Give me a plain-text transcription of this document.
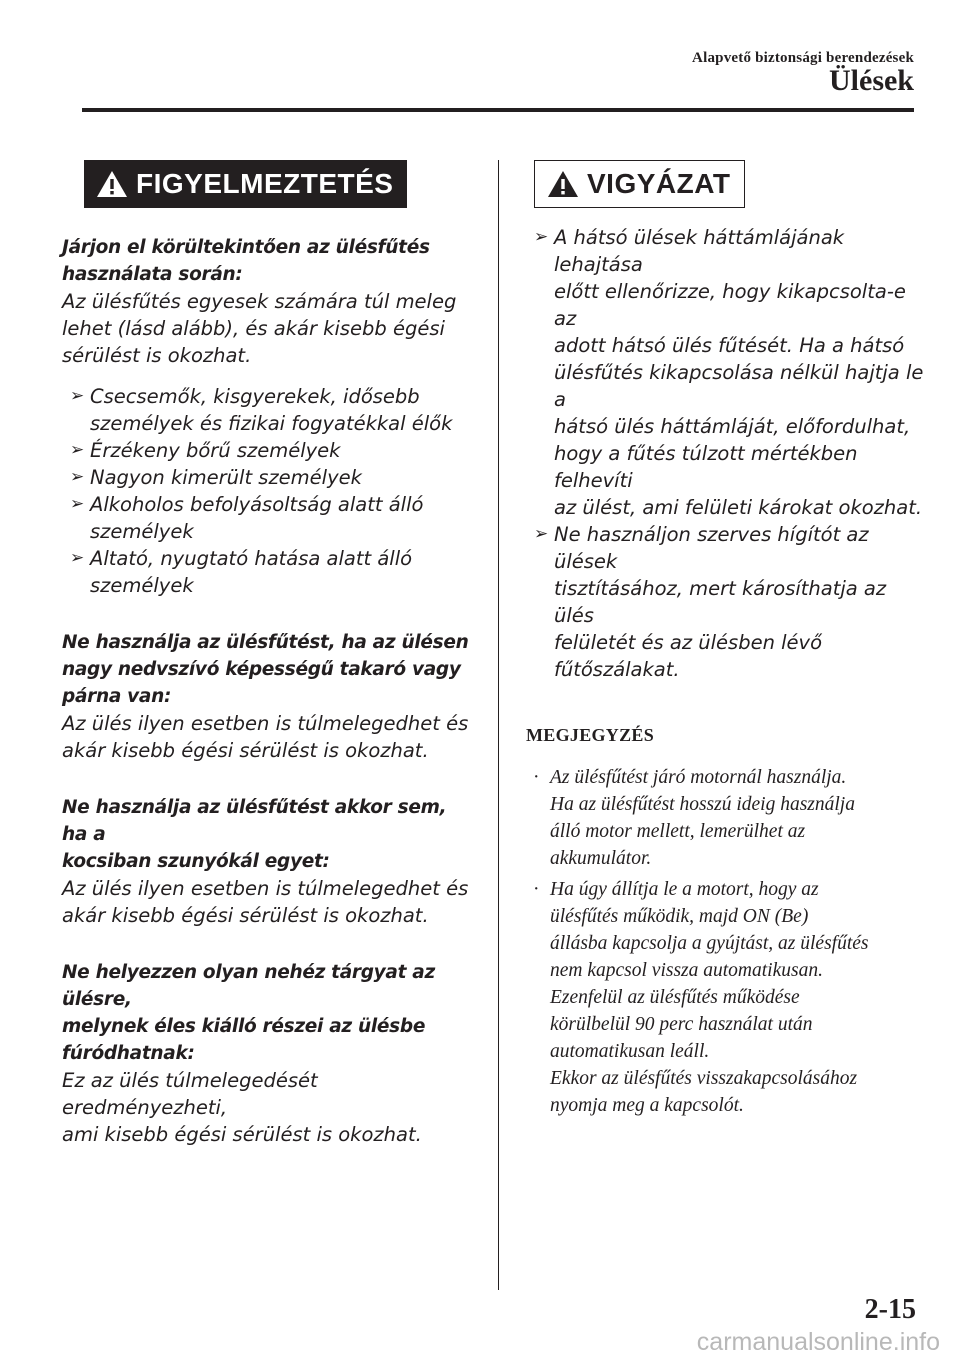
Alapvető biztonsági berendezések
Ülések
FIGYELMEZTETÉS

Járjon el körültekintően az ülésfűtés használata során:

Az ülésfűtés egyesek számára túl meleg
lehet (lásd alább), és akár kisebb égési
sérülést is okozhat.

➢ Csecsemők, kisgyerekek, idősebb
személyek és fizikai fogyatékkal élők
➢ Érzékeny bőrű személyek
➢ Nagyon kimerült személyek
➢ Alkoholos befolyásoltság alatt álló
személyek
➢ Altató, nyugtató hatása alatt álló
személyek

Ne használja az ülésfűtést, ha az ülésen
nagy nedvszívó képességű takaró vagy
párna van:

Az ülés ilyen esetben is túlmelegedhet és
akár kisebb égési sérülést is okozhat.

Ne használja az ülésfűtést akkor sem, ha a
kocsiban szunyókál egyet:

Az ülés ilyen esetben is túlmelegedhet és
akár kisebb égési sérülést is okozhat.

Ne helyezzen olyan nehéz tárgyat az ülésre,
melynek éles kiálló részei az ülésbe
fúródhatnak:

Ez az ülés túlmelegedését eredményezheti,
ami kisebb égési sérülést is okozhat.

VIGYÁZAT
➢ A hátsó ülések háttámlájának lehajtása
előtt ellenőrizze, hogy kikapcsolta-e az
adott hátsó ülés fűtését. Ha a hátsó
ülésfűtés kikapcsolása nélkül hajtja le a
hátsó ülés háttámláját, előfordulhat,
hogy a fűtés túlzott mértékben felhevíti
az ülést, ami felületi károkat okozhat.
➢ Ne használjon szerves hígítót az ülések
tisztításához, mert károsíthatja az ülés
felületét és az ülésben lévő fűtőszálakat.
MEGJEGYZÉS
· Az ülésfűtést járó motornál használja.
Ha az ülésfűtést hosszú ideig használja
álló motor mellett, lemerülhet az
akkumulátor.
· Ha úgy állítja le a motort, hogy az
ülésfűtés működik, majd ON (Be)
állásba kapcsolja a gyújtást, az ülésfűtés
nem kapcsol vissza automatikusan.
Ezenfelül az ülésfűtés működése
körülbelül 90 perc használat után
automatikusan leáll.
Ekkor az ülésfűtés visszakapcsolásához
nyomja meg a kapcsolót.
2-15
carmanualsonline.info
